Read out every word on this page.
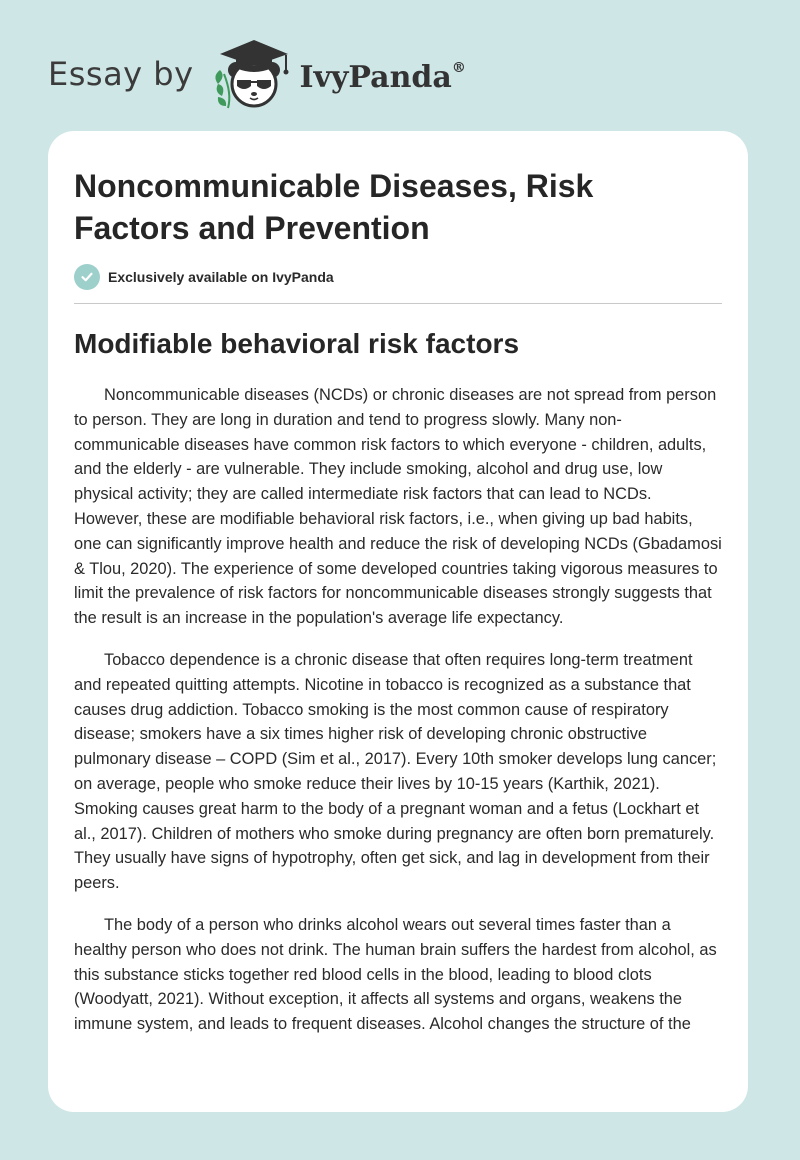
Essay by	IvyPanda®
Noncommunicable Diseases, Risk Factors and Prevention
Exclusively available on IvyPanda
Modifiable behavioral risk factors

Noncommunicable diseases (NCDs) or chronic diseases are not spread from person to person. They are long in duration and tend to progress slowly. Many non-communicable diseases have common risk factors to which everyone - children, adults, and the elderly - are vulnerable. They include smoking, alcohol and drug use, low physical activity; they are called intermediate risk factors that can lead to NCDs. However, these are modifiable behavioral risk factors, i.e., when giving up bad habits, one can significantly improve health and reduce the risk of developing NCDs (Gbadamosi & Tlou, 2020). The experience of some developed countries taking vigorous measures to limit the prevalence of risk factors for noncommunicable diseases strongly suggests that the result is an increase in the population's average life expectancy.

Tobacco dependence is a chronic disease that often requires long-term treatment and repeated quitting attempts. Nicotine in tobacco is recognized as a substance that causes drug addiction. Tobacco smoking is the most common cause of respiratory disease; smokers have a six times higher risk of developing chronic obstructive pulmonary disease – COPD (Sim et al., 2017). Every 10th smoker develops lung cancer; on average, people who smoke reduce their lives by 10-15 years (Karthik, 2021). Smoking causes great harm to the body of a pregnant woman and a fetus (Lockhart et al., 2017). Children of mothers who smoke during pregnancy are often born prematurely. They usually have signs of hypotrophy, often get sick, and lag in development from their peers.

The body of a person who drinks alcohol wears out several times faster than a healthy person who does not drink. The human brain suffers the hardest from alcohol, as this substance sticks together red blood cells in the blood, leading to blood clots (Woodyatt, 2021). Without exception, it affects all systems and organs, weakens the immune system, and leads to frequent diseases. Alcohol changes the structure of the
